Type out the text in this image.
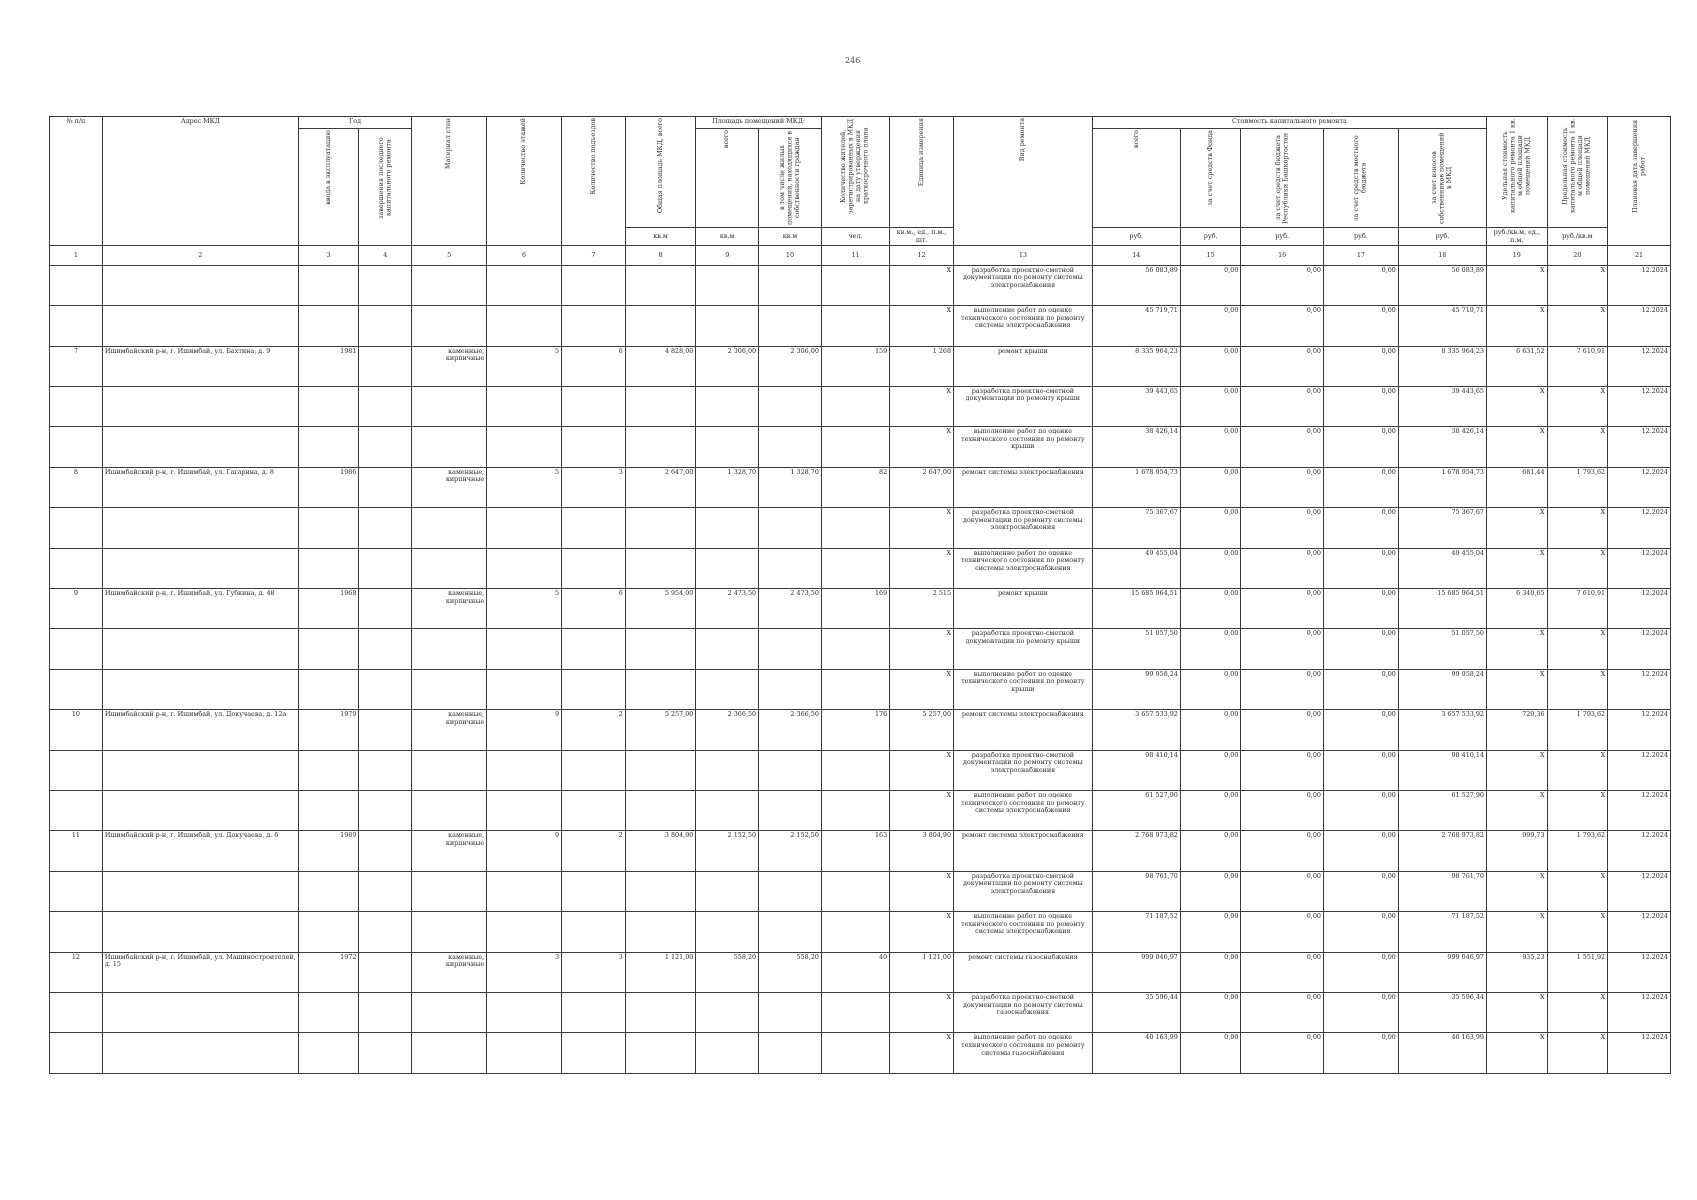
246
№ п/п	Адрес МКД	Год		Материал стен	Количество этажей	Количество подъездов	Общая площадь МКД, всего	Площадь помещений МКД:		Количество жителей, зарегистрированных в МКД на дату утверждения краткосрочного плана	Единица измерения	Вид ремонта	Стоимость капитального ремонта					Удельная стоимость капитального ремонта 1 кв. м общей площади помещений МКД	Предельная стоимость капитального ремонта 1 кв. м общей площади помещений МКД	Плановая дата завершения работ

		ввода в эксплуатацию	завершения последнего капитального ремонта					всего	в том числе жилых помещений, находящихся в собственности граждан				всего	за счет средств Фонда	за счет средств бюджета Республики Башкортостан	за счет средств местного бюджета	за счет взносов собственников помещений в МКД			

							кв.м	кв.м	кв.м	чел.	кв.м., ед., п.м., шт.		руб.	руб.	руб.	руб.	руб.	руб./кв.м, ед., п.м.	руб./кв.м	
1	2	3	4	5	6	7	8	9	10	11	12	13	14	15	16	17	18	19	20	21
											X	разработка проектно-сметной документации по ремонту системы электроснабжения	56 083,89	0,00	0,00	0,00	56 083,89	X	X	12.2024
											X	выполнение работ по оценке технического состояния по ремонту системы электроснабжения	45 719,71	0,00	0,00	0,00	45 719,71	X	X	12.2024
7	Ишимбайский р-н, г. Ишимбай, ул. Бахтина, д. 9	1981		каменные, кирпичные	5	6	4 828,00	2 306,00	2 306,00	159	1 268	ремонт крыши	8 335 964,23	0,00	0,00	0,00	8 335 964,23	6 631,52	7 610,91	12.2024
											X	разработка проектно-сметной документации по ремонту крыши	39 443,65	0,00	0,00	0,00	39 443,65	X	X	12.2024
											X	выполнение работ по оценке технического состояния по ремонту крыши	38 426,14	0,00	0,00	0,00	38 426,14	X	X	12.2024
8	Ишимбайский р-н, г. Ишимбай, ул. Гагарина, д. 8	1986		каменные, кирпичные	5	3	2 647,00	1 328,70	1 328,70	82	2 647,00	ремонт системы электроснабжения	1 678 954,73	0,00	0,00	0,00	1 678 954,73	681,44	1 793,62	12.2024
											X	разработка проектно-сметной документации по ремонту системы электроснабжения	75 367,67	0,00	0,00	0,00	75 367,67	X	X	12.2024
											X	выполнение работ по оценке технического состояния по ремонту системы электроснабжения	49 455,04	0,00	0,00	0,00	49 455,04	X	X	12.2024
9	Ишимбайский р-н, г. Ишимбай, ул. Губкина, д. 48	1968		каменные, кирпичные	5	6	5 954,00	2 473,50	2 473,50	169	2 515	ремонт крыши	15 685 964,51	0,00	0,00	0,00	15 685 964,51	6 340,65	7 610,91	12.2024
											X	разработка проектно-сметной документации по ремонту крыши	51 057,50	0,00	0,00	0,00	51 057,50	X	X	12.2024
											X	выполнение работ по оценке технического состояния по ремонту крыши	99 958,24	0,00	0,00	0,00	99 958,24	X	X	12.2024
10	Ишимбайский р-н, г. Ишимбай, ул. Докучаева, д. 12а	1979		каменные, кирпичные	9	2	5 257,00	2 366,50	2 366,50	176	5 257,00	ремонт системы электроснабжения	3 657 533,92	0,00	0,00	0,00	3 657 533,92	720,36	1 793,62	12.2024
											X	разработка проектно-сметной документации по ремонту системы электроснабжения	98 410,14	0,00	0,00	0,00	98 410,14	X	X	12.2024
											X	выполнение работ по оценке технического состояния по ремонту системы электроснабжения	61 527,90	0,00	0,00	0,00	61 527,90	X	X	12.2024
11	Ишимбайский р-н, г. Ишимбай, ул. Докучаева, д. 6	1989		каменные, кирпичные	9	2	3 804,90	2 152,50	2 152,50	163	3 804,90	ремонт системы электроснабжения	2 768 973,82	0,00	0,00	0,00	2 768 973,82	999,73	1 793,62	12.2024
											X	разработка проектно-сметной документации по ремонту системы электроснабжения	98 761,70	0,00	0,00	0,00	98 761,70	X	X	12.2024
											X	выполнение работ по оценке технического состояния по ремонту системы электроснабжения	71 187,52	0,00	0,00	0,00	71 187,52	X	X	12.2024
12	Ишимбайский р-н, г. Ишимбай, ул. Машиностроителей, д. 15	1972		каменные, кирпичные	3	3	1 121,00	558,20	558,20	40	1 121,00	ремонт системы газоснабжения	999 046,97	0,00	0,00	0,00	999 046,97	935,23	1 551,92	12.2024
											X	разработка проектно-сметной документации по ремонту системы газоснабжения	35 596,44	0,00	0,00	0,00	35 596,44	X	X	12.2024
											X	выполнение работ по оценке технического состояния по ремонту системы газоснабжения	40 163,99	0,00	0,00	0,00	40 163,99	X	X	12.2024
